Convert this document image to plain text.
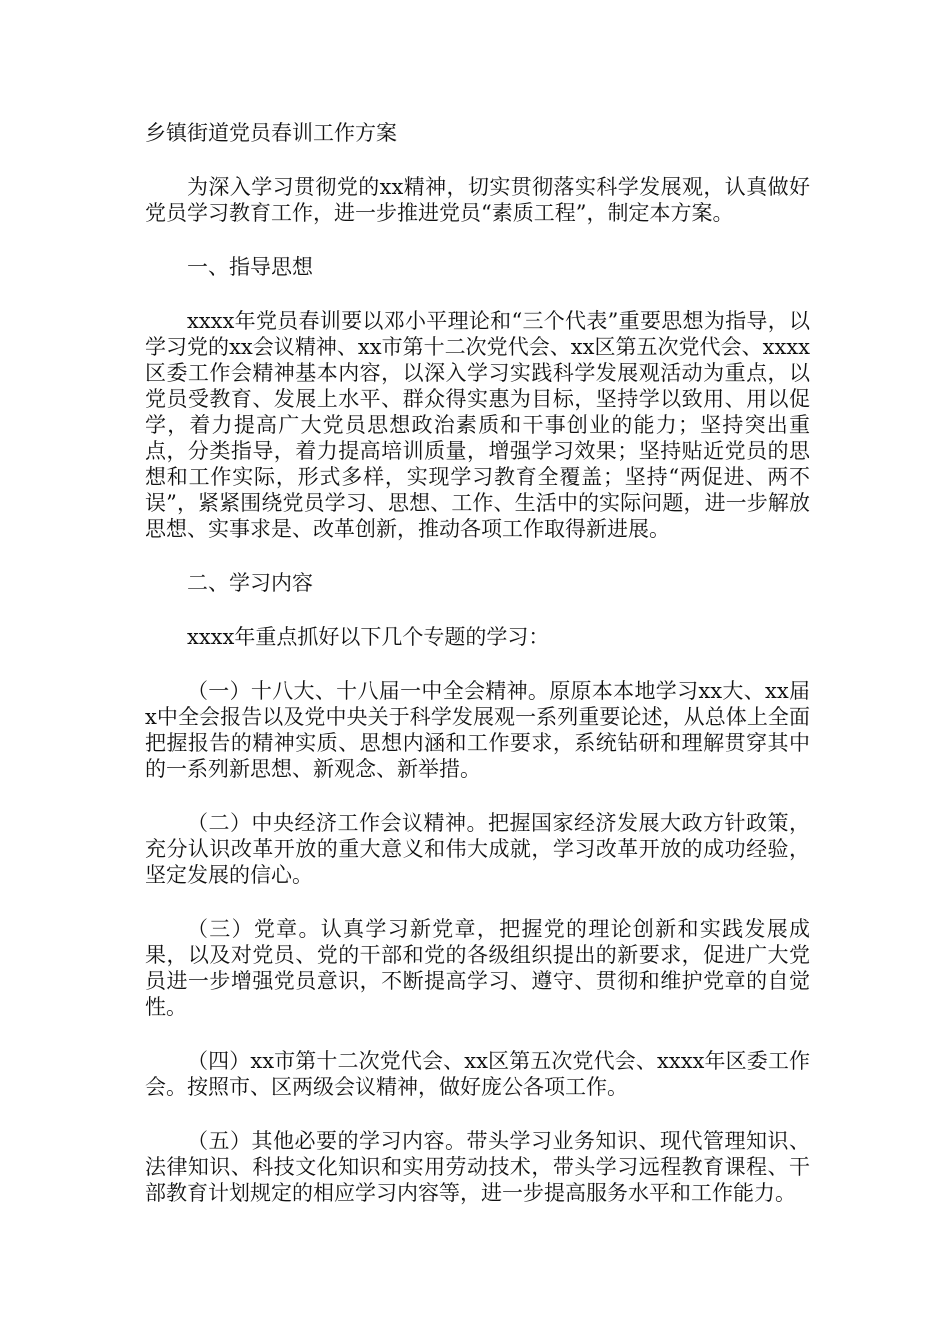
乡镇街道党员春训工作方案

为深入学习贯彻党的xx精神，切实贯彻落实科学发展观，认真做好党员学习教育工作，进一步推进党员“素质工程”，制定本方案。

一、指导思想

xxxx年党员春训要以邓小平理论和“三个代表”重要思想为指导，以学习党的xx会议精神、xx市第十二次党代会、xx区第五次党代会、xxxx区委工作会精神基本内容，以深入学习实践科学发展观活动为重点，以党员受教育、发展上水平、群众得实惠为目标，坚持学以致用、用以促学，着力提高广大党员思想政治素质和干事创业的能力；坚持突出重点，分类指导，着力提高培训质量，增强学习效果；坚持贴近党员的思想和工作实际，形式多样，实现学习教育全覆盖；坚持“两促进、两不误”，紧紧围绕党员学习、思想、工作、生活中的实际问题，进一步解放思想、实事求是、改革创新，推动各项工作取得新进展。

二、学习内容

xxxx年重点抓好以下几个专题的学习：

（一）十八大、十八届一中全会精神。原原本本地学习xx大、xx届x中全会报告以及党中央关于科学发展观一系列重要论述，从总体上全面把握报告的精神实质、思想内涵和工作要求，系统钻研和理解贯穿其中的一系列新思想、新观念、新举措。

（二）中央经济工作会议精神。把握国家经济发展大政方针政策，充分认识改革开放的重大意义和伟大成就，学习改革开放的成功经验，坚定发展的信心。

（三）党章。认真学习新党章，把握党的理论创新和实践发展成果，以及对党员、党的干部和党的各级组织提出的新要求，促进广大党员进一步增强党员意识，不断提高学习、遵守、贯彻和维护党章的自觉性。

（四）xx市第十二次党代会、xx区第五次党代会、xxxx年区委工作会。按照市、区两级会议精神，做好庞公各项工作。

（五）其他必要的学习内容。带头学习业务知识、现代管理知识、法律知识、科技文化知识和实用劳动技术，带头学习远程教育课程、干部教育计划规定的相应学习内容等，进一步提高服务水平和工作能力。
